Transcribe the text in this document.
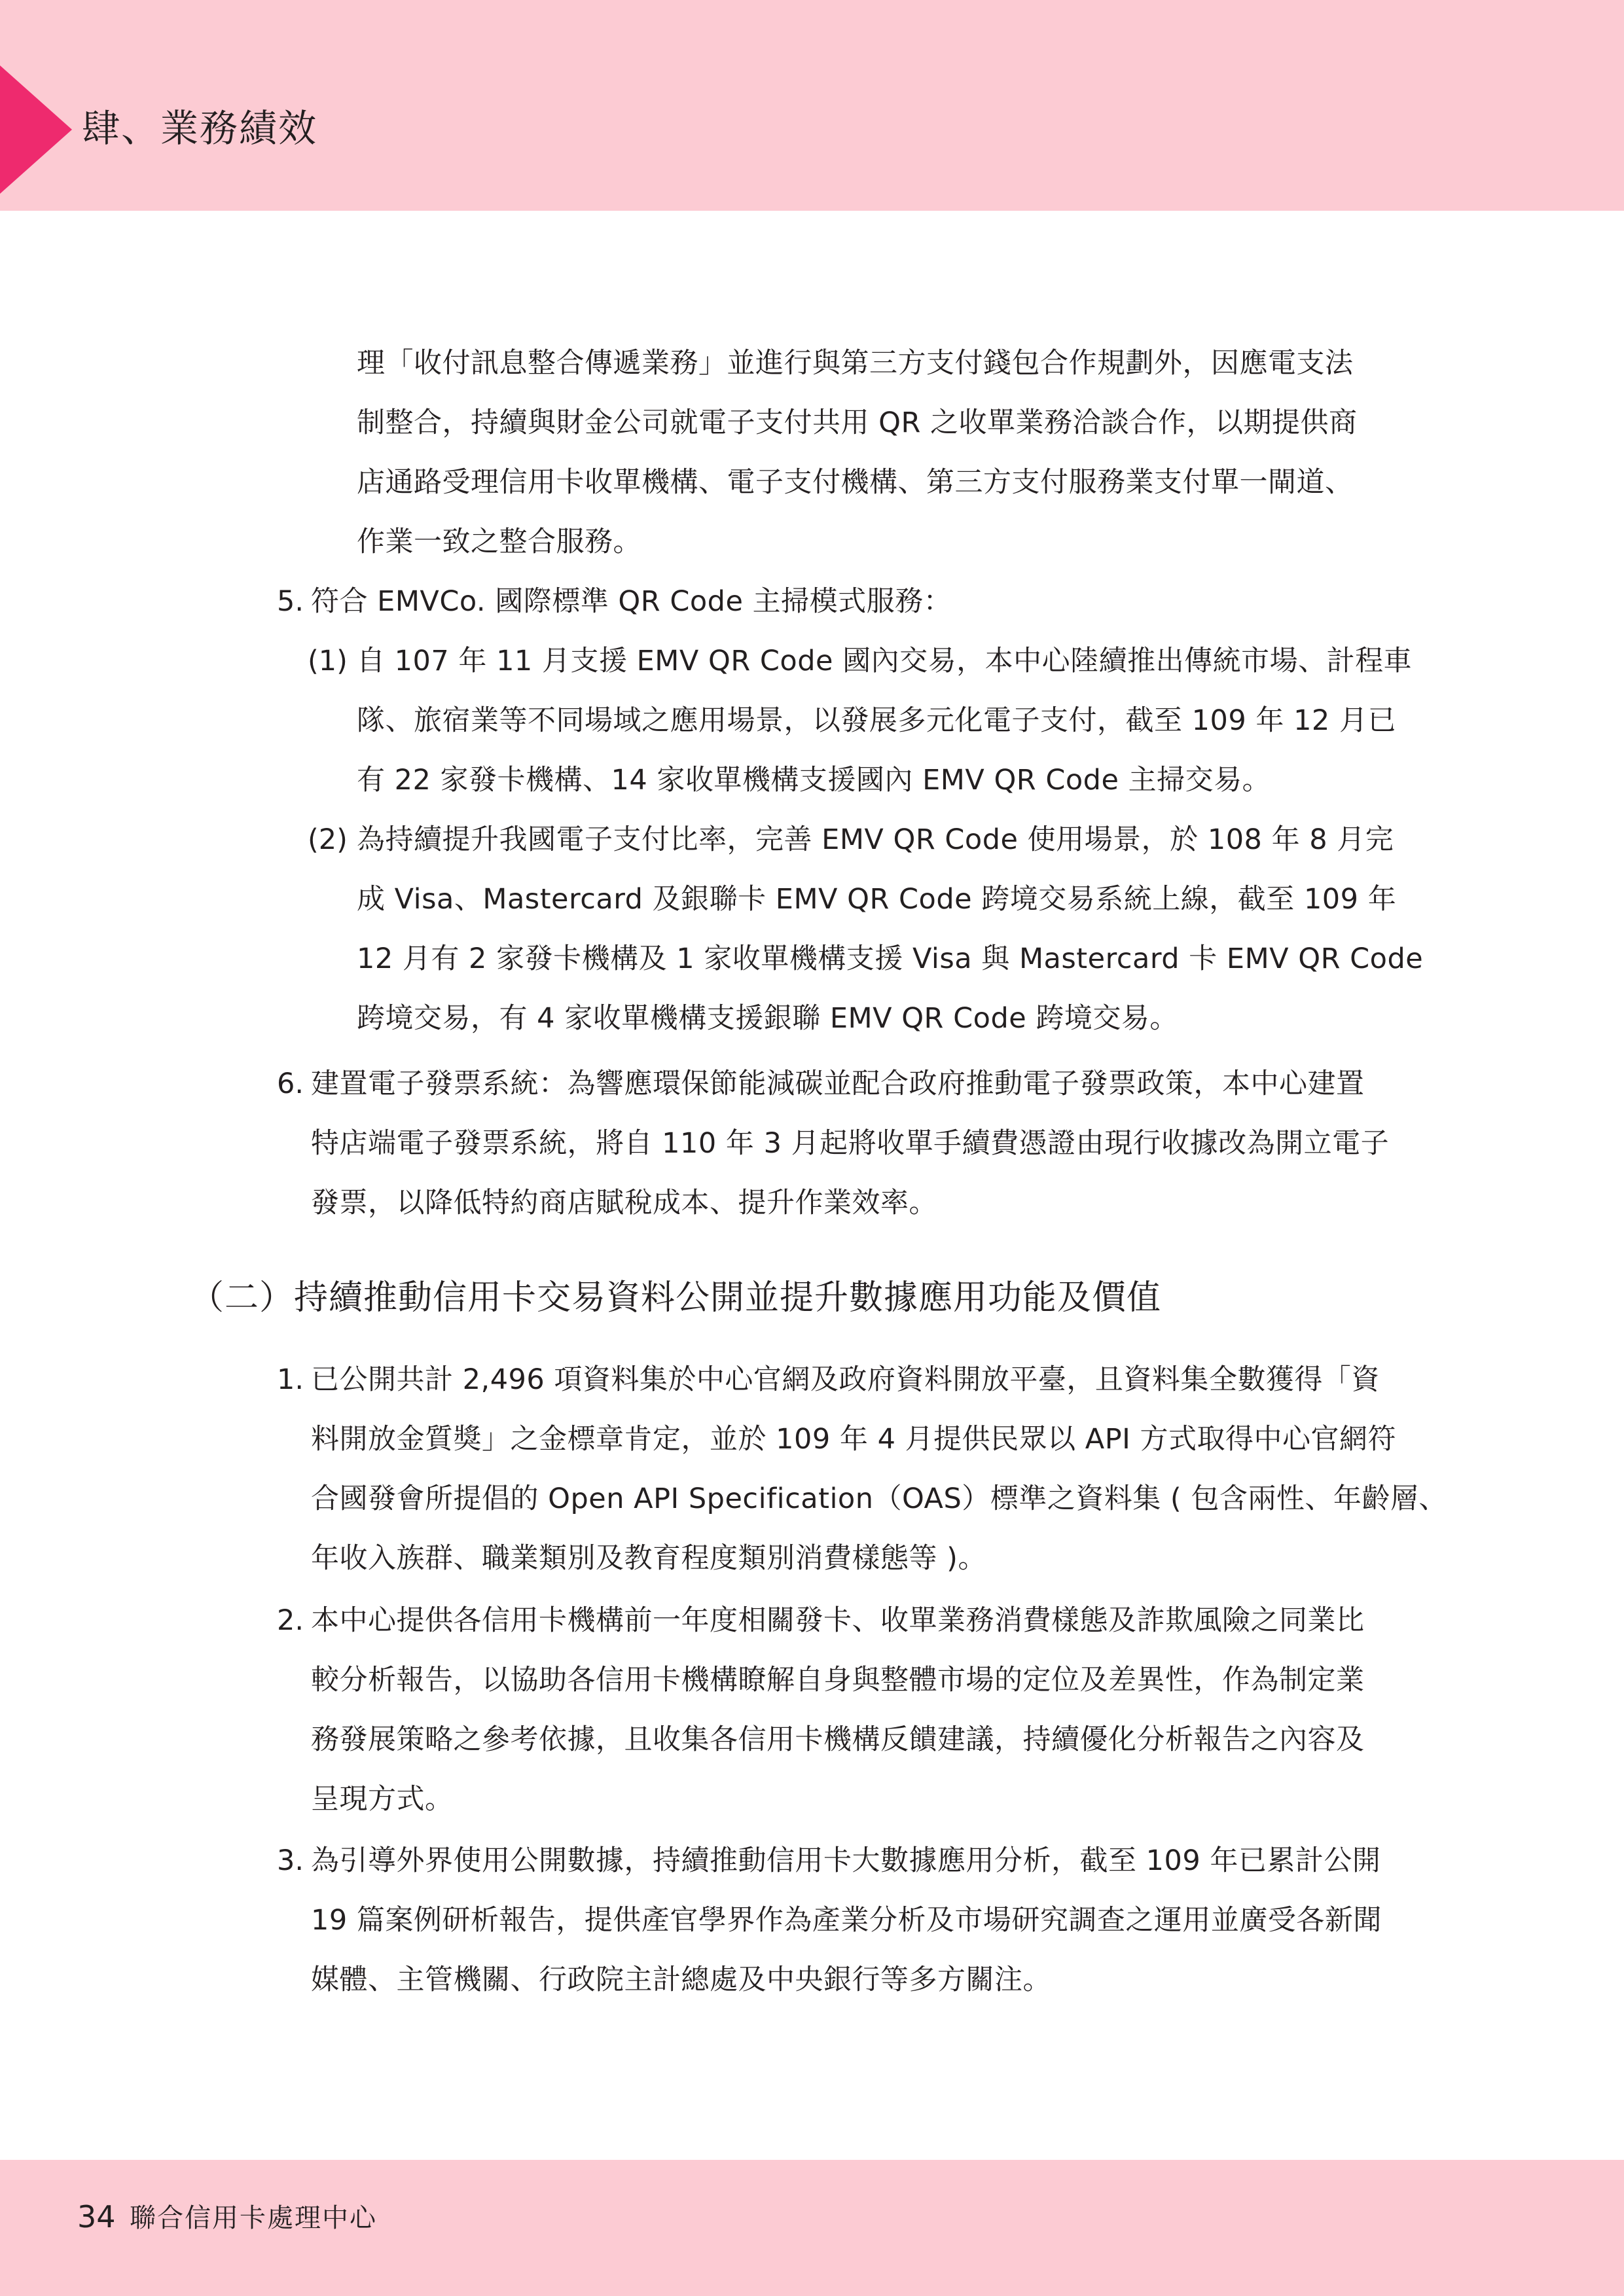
肆、業務績效
理「收付訊息整合傳遞業務」並進行與第三方支付錢包合作規劃外，因應電支法
制整合，持續與財金公司就電子支付共用 QR 之收單業務洽談合作，以期提供商
店通路受理信用卡收單機構、電子支付機構、第三方支付服務業支付單一閘道、
作業一致之整合服務。
5. 符合 EMVCo. 國際標準 QR Code 主掃模式服務：
(1) 自 107 年 11 月支援 EMV QR Code 國內交易，本中心陸續推出傳統市場、計程車
隊、旅宿業等不同場域之應用場景，以發展多元化電子支付，截至 109 年 12 月已
有 22 家發卡機構、14 家收單機構支援國內 EMV QR Code 主掃交易。
(2) 為持續提升我國電子支付比率，完善 EMV QR Code 使用場景，於 108 年 8 月完
成 Visa、Mastercard 及銀聯卡 EMV QR Code 跨境交易系統上線，截至 109 年
12 月有 2 家發卡機構及 1 家收單機構支援 Visa 與 Mastercard 卡 EMV QR Code
跨境交易，有 4 家收單機構支援銀聯 EMV QR Code 跨境交易。
6. 建置電子發票系統：為響應環保節能減碳並配合政府推動電子發票政策，本中心建置
特店端電子發票系統，將自 110 年 3 月起將收單手續費憑證由現行收據改為開立電子
發票，以降低特約商店賦稅成本、提升作業效率。
（二）持續推動信用卡交易資料公開並提升數據應用功能及價值
1. 已公開共計 2,496 項資料集於中心官網及政府資料開放平臺，且資料集全數獲得「資
料開放金質獎」之金標章肯定，並於 109 年 4 月提供民眾以 API 方式取得中心官網符
合國發會所提倡的 Open API Specification（OAS）標準之資料集 ( 包含兩性、年齡層、
年收入族群、職業類別及教育程度類別消費樣態等 )。
2. 本中心提供各信用卡機構前一年度相關發卡、收單業務消費樣態及詐欺風險之同業比
較分析報告，以協助各信用卡機構瞭解自身與整體市場的定位及差異性，作為制定業
務發展策略之參考依據，且收集各信用卡機構反饋建議，持續優化分析報告之內容及
呈現方式。
3. 為引導外界使用公開數據，持續推動信用卡大數據應用分析，截至 109 年已累計公開
19 篇案例研析報告，提供產官學界作為產業分析及市場研究調查之運用並廣受各新聞
媒體、主管機關、行政院主計總處及中央銀行等多方關注。
34 聯合信用卡處理中心
